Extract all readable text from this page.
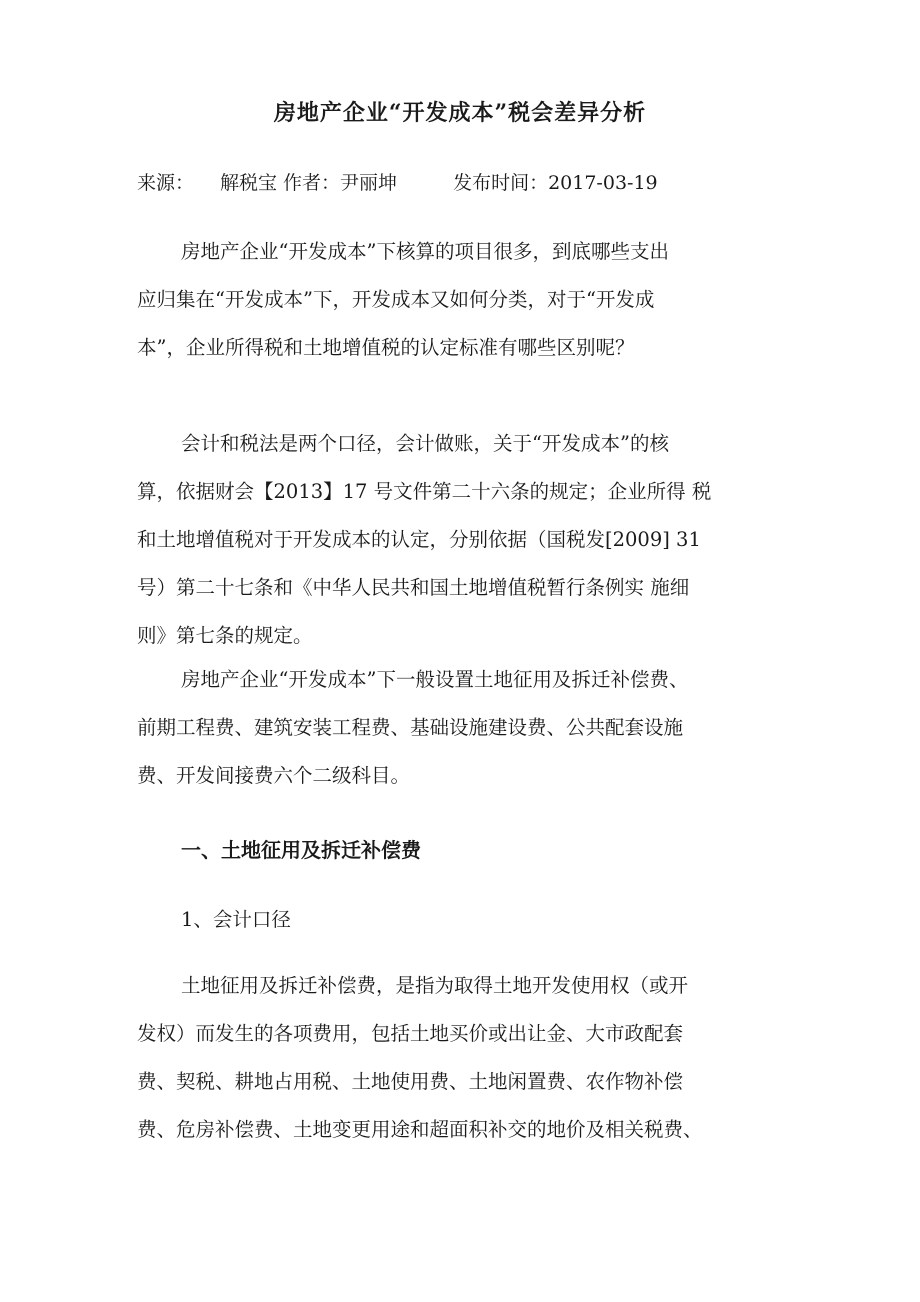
房地产企业“开发成本”税会差异分析
来源： 解税宝 作者：尹丽坤	发布时间：2017-03-19

房地产企业“开发成本”下核算的项目很多，到底哪些支出
应归集在“开发成本”下，开发成本又如何分类，对于“开发成
本”，企业所得税和土地增值税的认定标准有哪些区别呢？

会计和税法是两个口径，会计做账，关于“开发成本”的核
算，依据财会【2013】17 号文件第二十六条的规定；企业所得 税
和土地增值税对于开发成本的认定，分别依据（国税发[2009] 31
号）第二十七条和《中华人民共和国土地增值税暂行条例实 施细
则》第七条的规定。

房地产企业“开发成本”下一般设置土地征用及拆迁补偿费、
前期工程费、建筑安装工程费、基础设施建设费、公共配套设施
费、开发间接费六个二级科目。

一、土地征用及拆迁补偿费
1、会计口径

土地征用及拆迁补偿费，是指为取得土地开发使用权（或开
发权）而发生的各项费用，包括土地买价或出让金、大市政配套
费、契税、耕地占用税、土地使用费、土地闲置费、农作物补偿
费、危房补偿费、土地变更用途和超面积补交的地价及相关税费、
